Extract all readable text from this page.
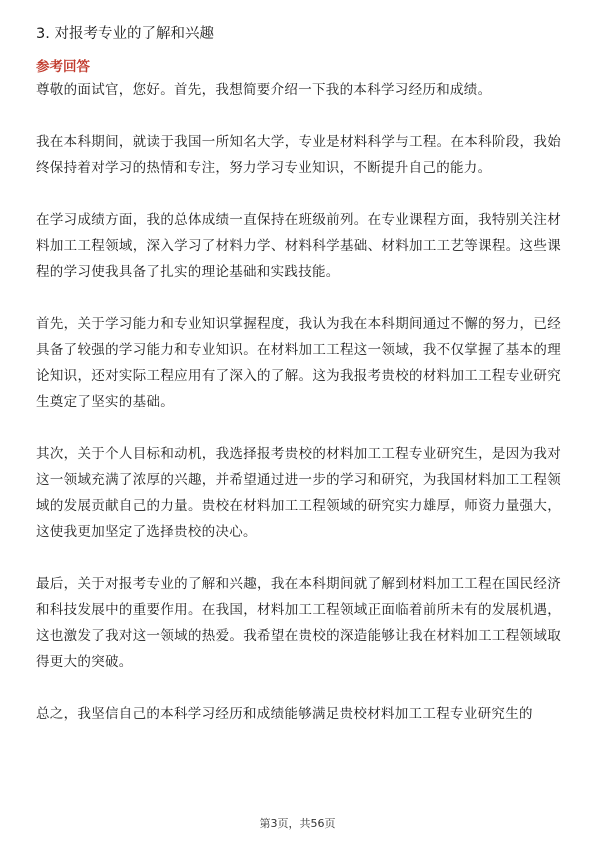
3. 对报考专业的了解和兴趣
参考回答

尊敬的面试官，您好。首先，我想简要介绍一下我的本科学习经历和成绩。

我在本科期间，就读于我国一所知名大学，专业是材料科学与工程。在本科阶段，我始终保持着对学习的热情和专注，努力学习专业知识，不断提升自己的能力。

在学习成绩方面，我的总体成绩一直保持在班级前列。在专业课程方面，我特别关注材料加工工程领域，深入学习了材料力学、材料科学基础、材料加工工艺等课程。这些课程的学习使我具备了扎实的理论基础和实践技能。

首先，关于学习能力和专业知识掌握程度，我认为我在本科期间通过不懈的努力，已经具备了较强的学习能力和专业知识。在材料加工工程这一领域，我不仅掌握了基本的理论知识，还对实际工程应用有了深入的了解。这为我报考贵校的材料加工工程专业研究生奠定了坚实的基础。

其次，关于个人目标和动机，我选择报考贵校的材料加工工程专业研究生，是因为我对这一领域充满了浓厚的兴趣，并希望通过进一步的学习和研究，为我国材料加工工程领域的发展贡献自己的力量。贵校在材料加工工程领域的研究实力雄厚，师资力量强大，这使我更加坚定了选择贵校的决心。

最后，关于对报考专业的了解和兴趣，我在本科期间就了解到材料加工工程在国民经济和科技发展中的重要作用。在我国，材料加工工程领域正面临着前所未有的发展机遇，这也激发了我对这一领域的热爱。我希望在贵校的深造能够让我在材料加工工程领域取得更大的突破。

总之，我坚信自己的本科学习经历和成绩能够满足贵校材料加工工程专业研究生的

第3页，共56页
